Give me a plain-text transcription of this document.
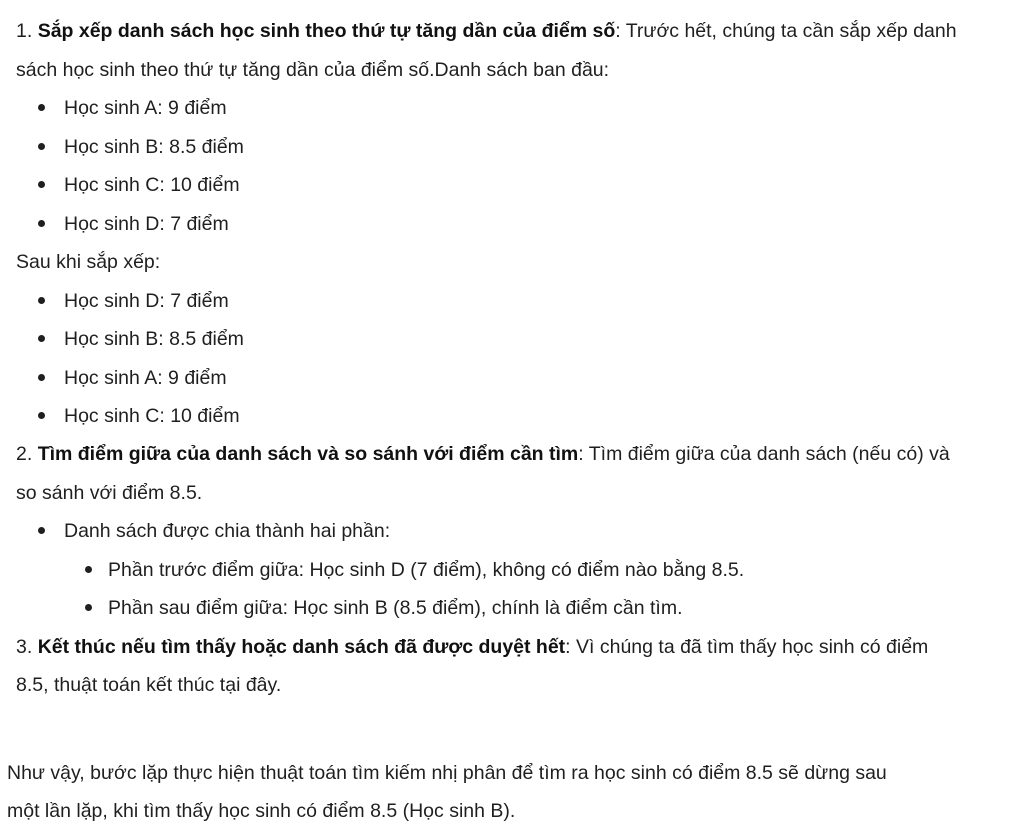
1. Sắp xếp danh sách học sinh theo thứ tự tăng dần của điểm số: Trước hết, chúng ta cần sắp xếp danh
sách học sinh theo thứ tự tăng dần của điểm số.Danh sách ban đầu:
Học sinh A: 9 điểm
Học sinh B: 8.5 điểm
Học sinh C: 10 điểm
Học sinh D: 7 điểm
Sau khi sắp xếp:
Học sinh D: 7 điểm
Học sinh B: 8.5 điểm
Học sinh A: 9 điểm
Học sinh C: 10 điểm
2. Tìm điểm giữa của danh sách và so sánh với điểm cần tìm: Tìm điểm giữa của danh sách (nếu có) và
so sánh với điểm 8.5.
Danh sách được chia thành hai phần:
Phần trước điểm giữa: Học sinh D (7 điểm), không có điểm nào bằng 8.5.
Phần sau điểm giữa: Học sinh B (8.5 điểm), chính là điểm cần tìm.
3. Kết thúc nếu tìm thấy hoặc danh sách đã được duyệt hết: Vì chúng ta đã tìm thấy học sinh có điểm
8.5, thuật toán kết thúc tại đây.
Như vậy, bước lặp thực hiện thuật toán tìm kiếm nhị phân để tìm ra học sinh có điểm 8.5 sẽ dừng sau
một lần lặp, khi tìm thấy học sinh có điểm 8.5 (Học sinh B).
